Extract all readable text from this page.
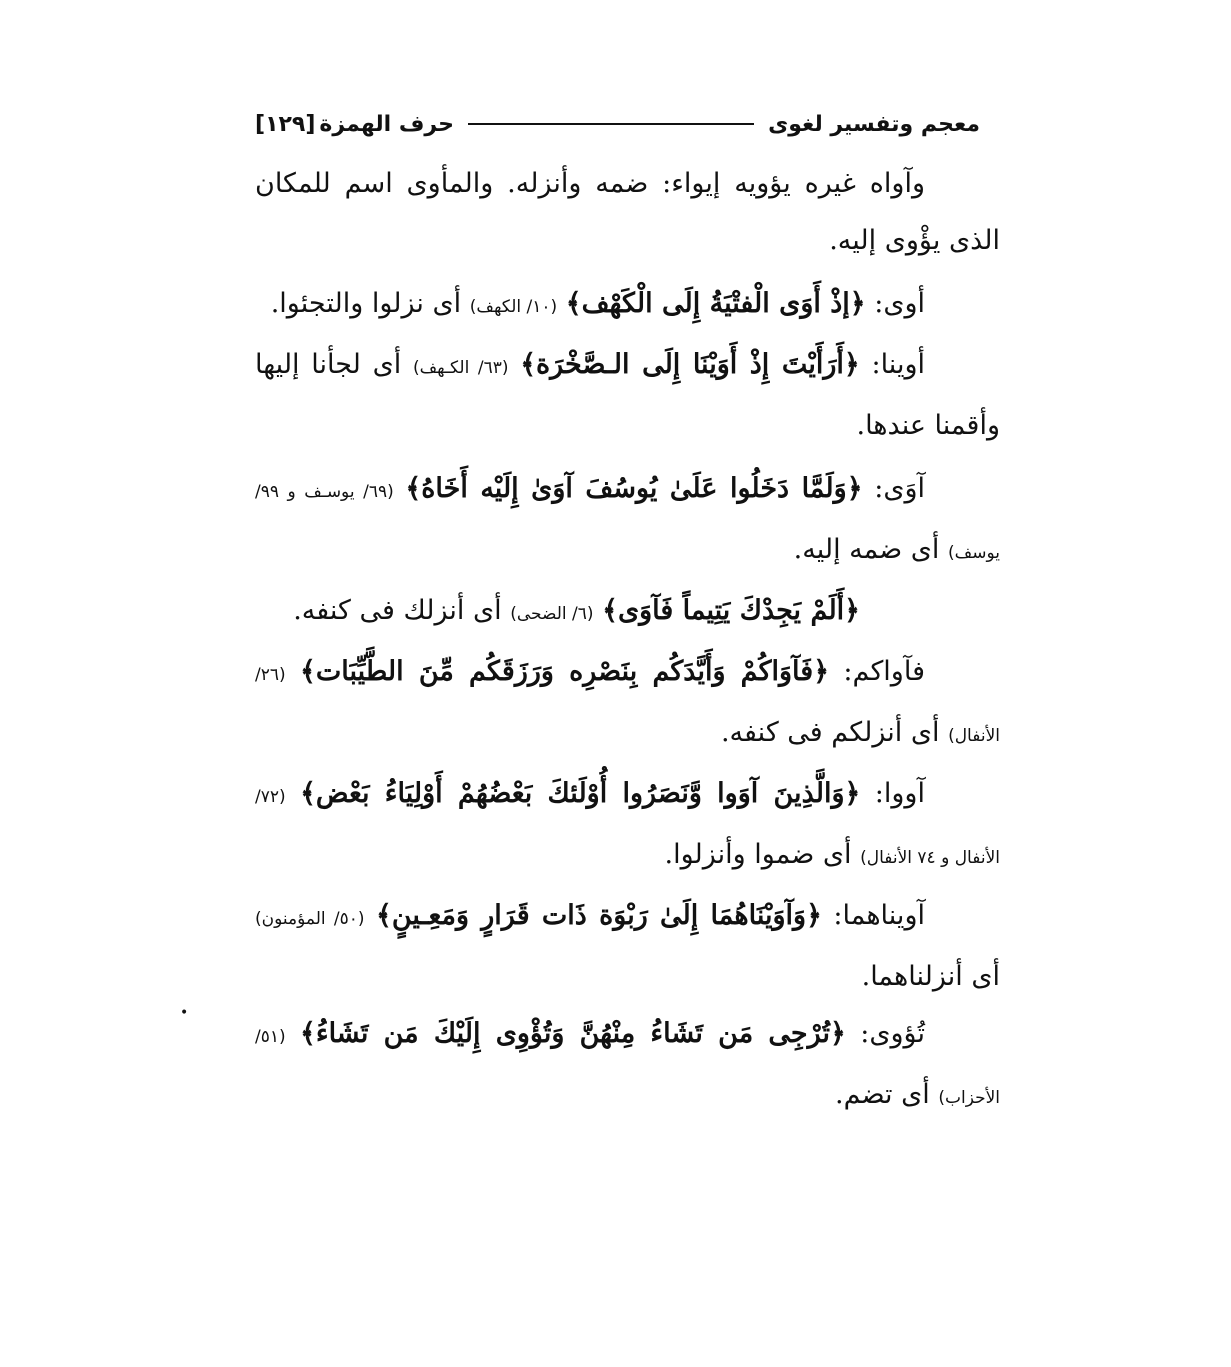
معجم وتفسير لغوى
حرف الهمزة
[١٢٩]

وآواه غيره يؤويه إيواء: ضمه وأنزله. والمأوى اسم للمكان الذى يؤْوى إليه.

أوى: ﴿إذْ أَوَى الْفتْيَةُ إِلَى الْكَهْف﴾ (١٠/ الكهف) أى نزلوا والتجئوا.

أوينا: ﴿أَرَأَيْتَ إِذْ أَوَيْنَا إِلَى الـصَّخْرَة﴾ (٦٣/ الكـهف) أى لجأنا إليها وأقمنا عندها.

آوَى: ﴿وَلَمَّا دَخَلُوا عَلَىٰ يُوسُفَ آوَىٰ إِلَيْه أَخَاهُ﴾ (٦٩/ يوسـف و ٩٩/ يوسف) أى ضمه إليه.

﴿أَلَمْ يَجِدْكَ يَتِيماً فَآوَى﴾ (٦/ الضحى) أى أنزلك فى كنفه.

فآواكم: ﴿فَآوَاكُمْ وَأَيَّدَكُم بِنَصْرِه وَرَزَقَكُم مِّنَ الطَّيِّبَات﴾ (٢٦/ الأنفال) أى أنزلكم فى كنفه.

آووا: ﴿وَالَّذِينَ آوَوا وَّنَصَرُوا أُوْلَئكَ بَعْضُهُمْ أَوْلِيَاءُ بَعْض﴾ (٧٢/ الأنفال و ٧٤ الأنفال) أى ضموا وأنزلوا.

آويناهما: ﴿وَآوَيْنَاهُمَا إِلَىٰ رَبْوَة ذَات قَرَارٍ وَمَعِـينٍ﴾ (٥٠/ المؤمنون) أى أنزلناهما.

تُؤوى: ﴿تُرْجِى مَن تَشَاءُ مِنْهُنَّ وَتُؤْوِى إِلَيْكَ مَن تَشَاءُ﴾ (٥١/ الأحزاب) أى تضم.

•
